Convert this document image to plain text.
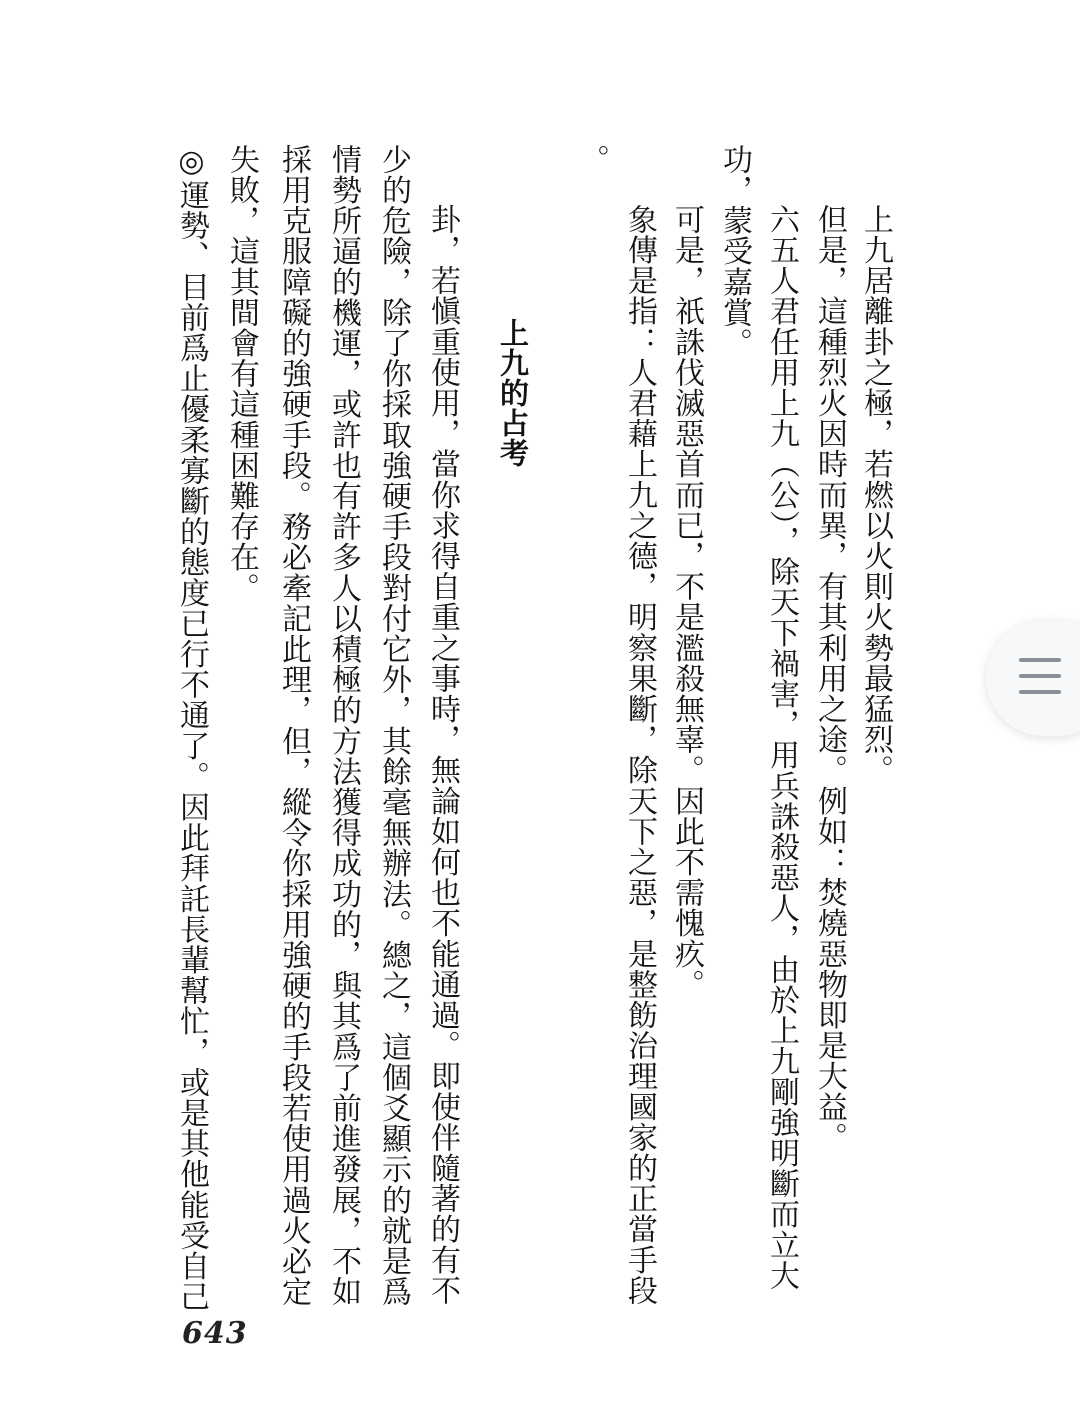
上九居離卦之極，若燃以火則火勢最猛烈。
但是，這種烈火因時而異，有其利用之途。例如：焚燒惡物即是大益。
六五人君任用上九（公），除天下禍害，用兵誅殺惡人，由於上九剛強明斷而立大
功，蒙受嘉賞。
可是，祇誅伐滅惡首而已，不是濫殺無辜。因此不需愧疚。
象傳是指：人君藉上九之德，明察果斷，除天下之惡，是整飭治理國家的正當手段
。
上九的占考
卦，若愼重使用，當你求得自重之事時，無論如何也不能通過。即使伴隨著的有不
少的危險，除了你採取強硬手段對付它外，其餘毫無辦法。總之，這個爻顯示的就是爲
情勢所逼的機運，或許也有許多人以積極的方法獲得成功的，與其爲了前進發展，不如
採用克服障礙的強硬手段。務必牽記此理，但，縱令你採用強硬的手段若使用過火必定
失敗，這其間會有這種困難存在。
◎運勢、目前爲止優柔寡斷的態度已行不通了。因此拜託長輩幫忙，或是其他能受自己
643
